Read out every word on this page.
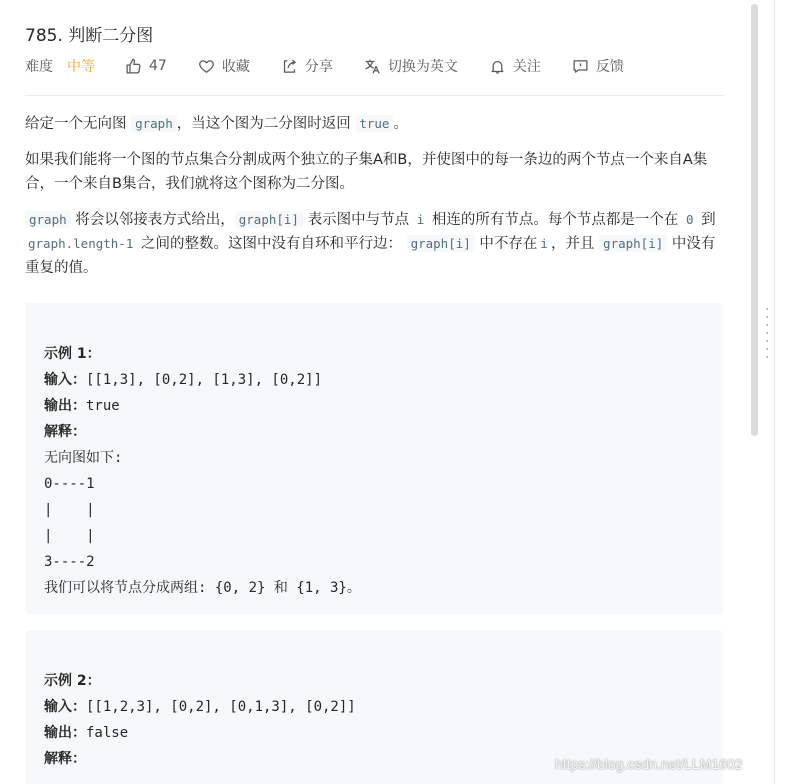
785. 判断二分图
难度 中等	47	收藏	分享	切换为英文	关注	反馈

给定一个无向图 graph ，当这个图为二分图时返回 true 。

如果我们能将一个图的节点集合分割成两个独立的子集A和B，并使图中的每一条边的两个节点一个来自A集合，一个来自B集合，我们就将这个图称为二分图。

graph 将会以邻接表方式给出， graph[i] 表示图中与节点 i 相连的所有节点。每个节点都是一个在 0 到 graph.length-1 之间的整数。这图中没有自环和平行边： graph[i] 中不存在 i ，并且 graph[i] 中没有重复的值。

示例 1：
输入：[[1,3], [0,2], [1,3], [0,2]]
输出：true
解释：
无向图如下:
0----1
|    |
|    |
3----2
我们可以将节点分成两组: {0, 2} 和 {1, 3}。
示例 2：
输入：[[1,2,3], [0,2], [0,1,3], [0,2]]
输出：false
解释：	https://blog.csdn.net/LLM1602
